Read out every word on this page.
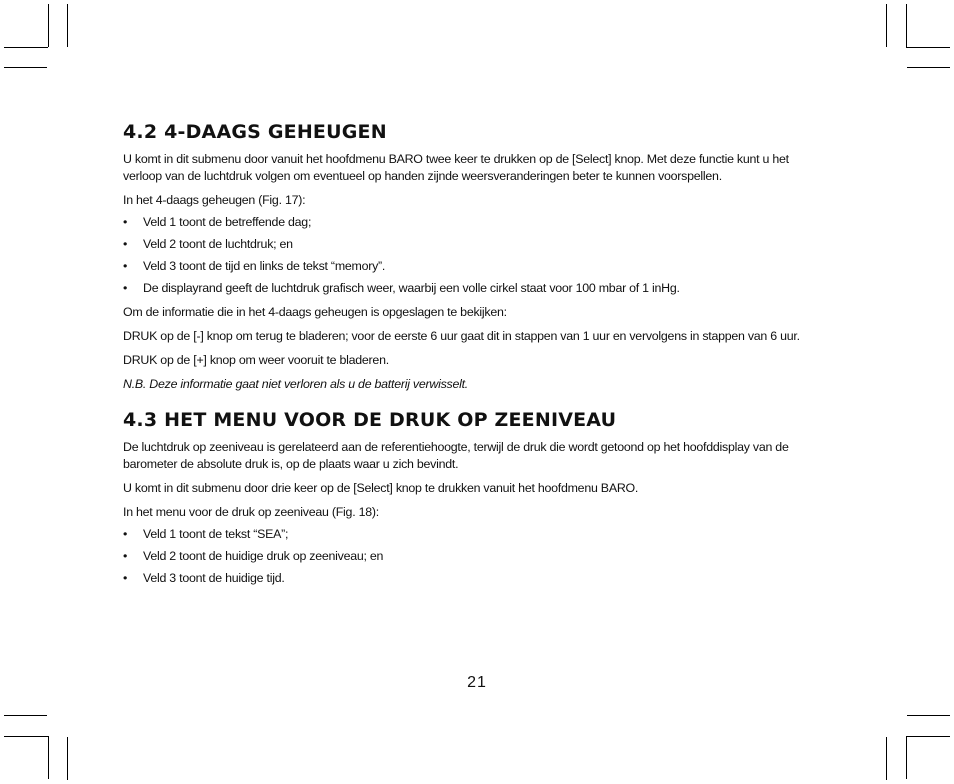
4.2 4-DAAGS GEHEUGEN

U komt in dit submenu door vanuit het hoofdmenu BARO twee keer te drukken op de [Select] knop. Met deze functie kunt u het verloop van de luchtdruk volgen om eventueel op handen zijnde weersveranderingen beter te kunnen voorspellen.

In het 4-daags geheugen (Fig. 17):

• Veld 1 toont de betreffende dag;
• Veld 2 toont de luchtdruk; en
• Veld 3 toont de tijd en links de tekst “memory”.
• De displayrand geeft de luchtdruk grafisch weer, waarbij een volle cirkel staat voor 100 mbar of 1 inHg.

Om de informatie die in het 4-daags geheugen is opgeslagen te bekijken:

DRUK op de [-] knop om terug te bladeren; voor de eerste 6 uur gaat dit in stappen van 1 uur en vervolgens in stappen van 6 uur.

DRUK op de [+] knop om weer vooruit te bladeren.

N.B. Deze informatie gaat niet verloren als u de batterij verwisselt.

4.3 HET MENU VOOR DE DRUK OP ZEENIVEAU

De luchtdruk op zeeniveau is gerelateerd aan de referentiehoogte, terwijl de druk die wordt getoond op het hoofddisplay van de barometer de absolute druk is, op de plaats waar u zich bevindt.

U komt in dit submenu door drie keer op de [Select] knop te drukken vanuit het hoofdmenu BARO.

In het menu voor de druk op zeeniveau (Fig. 18):

• Veld 1 toont de tekst “SEA”;
• Veld 2 toont de huidige druk op zeeniveau; en
• Veld 3 toont de huidige tijd.
21
